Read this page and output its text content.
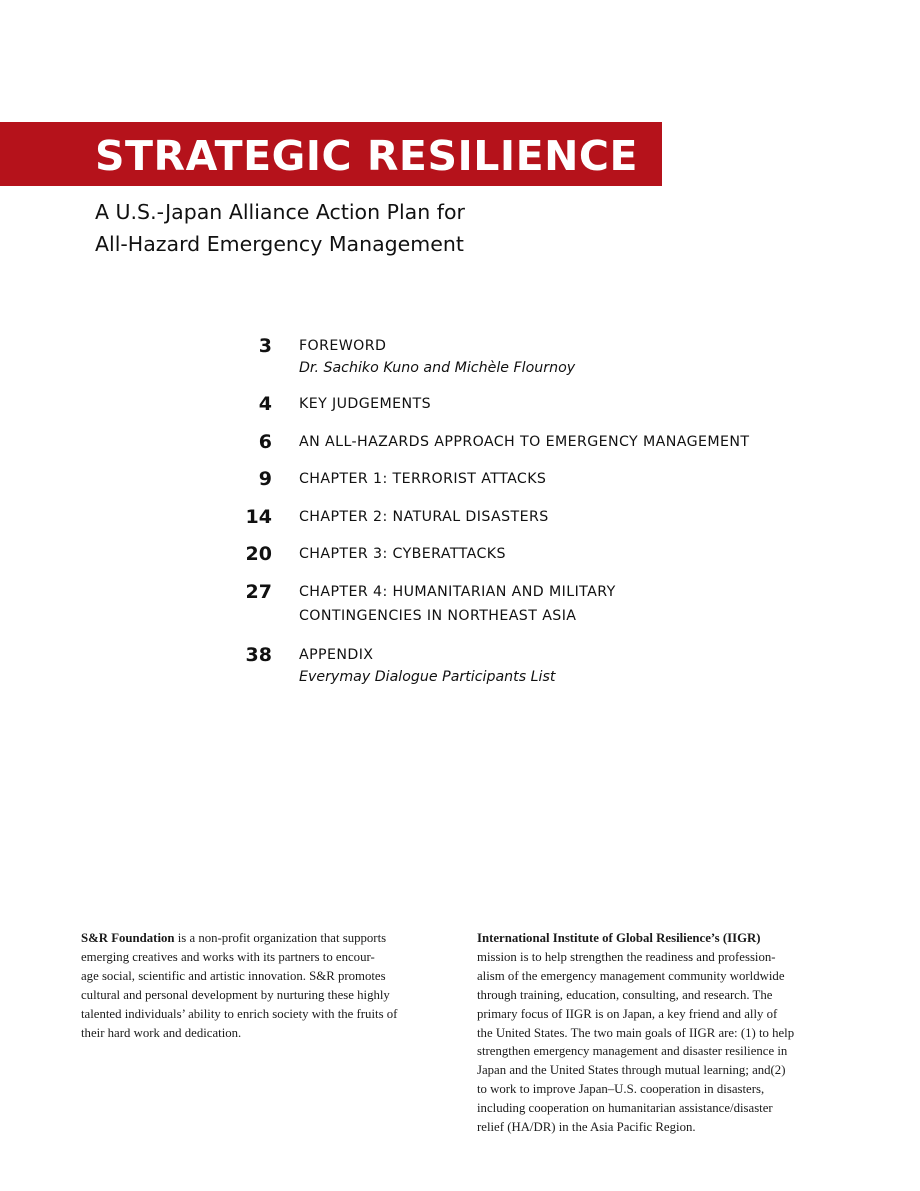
STRATEGIC RESILIENCE
A U.S.-Japan Alliance Action Plan for
All-Hazard Emergency Management
3 FOREWORD
Dr. Sachiko Kuno and Michèle Flournoy
4 KEY JUDGEMENTS
6 AN ALL-HAZARDS APPROACH TO EMERGENCY MANAGEMENT
9 CHAPTER 1: TERRORIST ATTACKS
14 CHAPTER 2: NATURAL DISASTERS
20 CHAPTER 3: CYBERATTACKS
27 CHAPTER 4: HUMANITARIAN AND MILITARY
CONTINGENCIES IN NORTHEAST ASIA
38 APPENDIX
Everymay Dialogue Participants List
S&R Foundation is a non-profit organization that supports
emerging creatives and works with its partners to encour-
age social, scientific and artistic innovation. S&R promotes
cultural and personal development by nurturing these highly
talented individuals’ ability to enrich society with the fruits of
their hard work and dedication.
International Institute of Global Resilience’s (IIGR)
mission is to help strengthen the readiness and profession-
alism of the emergency management community worldwide
through training, education, consulting, and research. The
primary focus of IIGR is on Japan, a key friend and ally of
the United States. The two main goals of IIGR are: (1) to help
strengthen emergency management and disaster resilience in
Japan and the United States through mutual learning; and(2)
to work to improve Japan–U.S. cooperation in disasters,
including cooperation on humanitarian assistance/disaster
relief (HA/DR) in the Asia Pacific Region.
